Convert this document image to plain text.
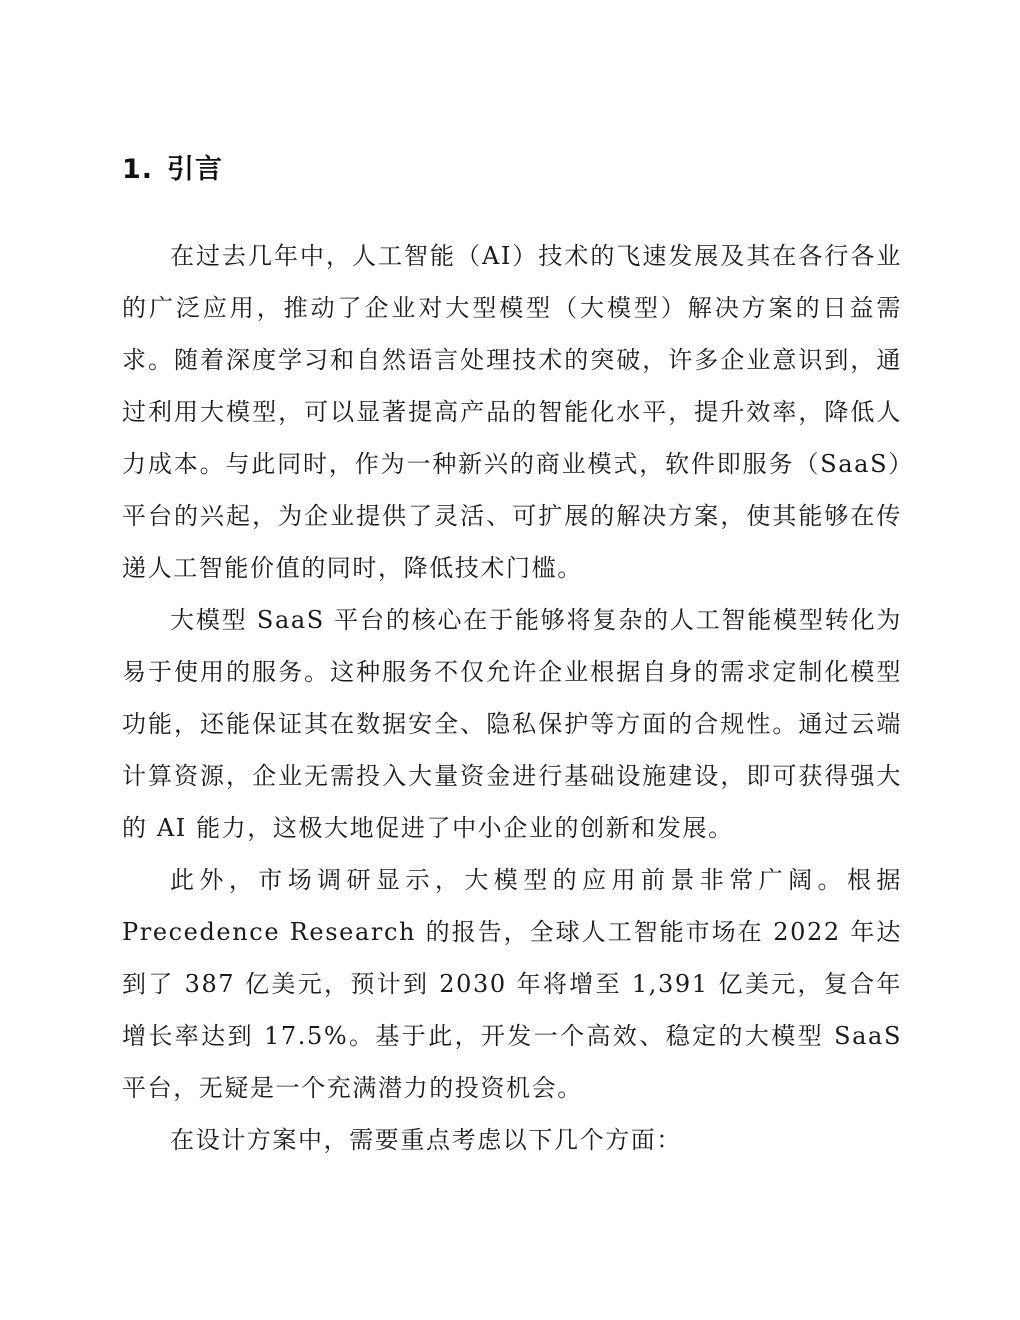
1. 引言

在过去几年中，人工智能（AI）技术的飞速发展及其在各行各业的广泛应用，推动了企业对大型模型（大模型）解决方案的日益需求。随着深度学习和自然语言处理技术的突破，许多企业意识到，通过利用大模型，可以显著提高产品的智能化水平，提升效率，降低人力成本。与此同时，作为一种新兴的商业模式，软件即服务（SaaS）平台的兴起，为企业提供了灵活、可扩展的解决方案，使其能够在传递人工智能价值的同时，降低技术门槛。

大模型 SaaS 平台的核心在于能够将复杂的人工智能模型转化为易于使用的服务。这种服务不仅允许企业根据自身的需求定制化模型功能，还能保证其在数据安全、隐私保护等方面的合规性。通过云端计算资源，企业无需投入大量资金进行基础设施建设，即可获得强大的 AI 能力，这极大地促进了中小企业的创新和发展。

此外，市场调研显示，大模型的应用前景非常广阔。根据 Precedence Research 的报告，全球人工智能市场在 2022 年达到了 387 亿美元，预计到 2030 年将增至 1,391 亿美元，复合年增长率达到 17.5%。基于此，开发一个高效、稳定的大模型 SaaS 平台，无疑是一个充满潜力的投资机会。

在设计方案中，需要重点考虑以下几个方面：
